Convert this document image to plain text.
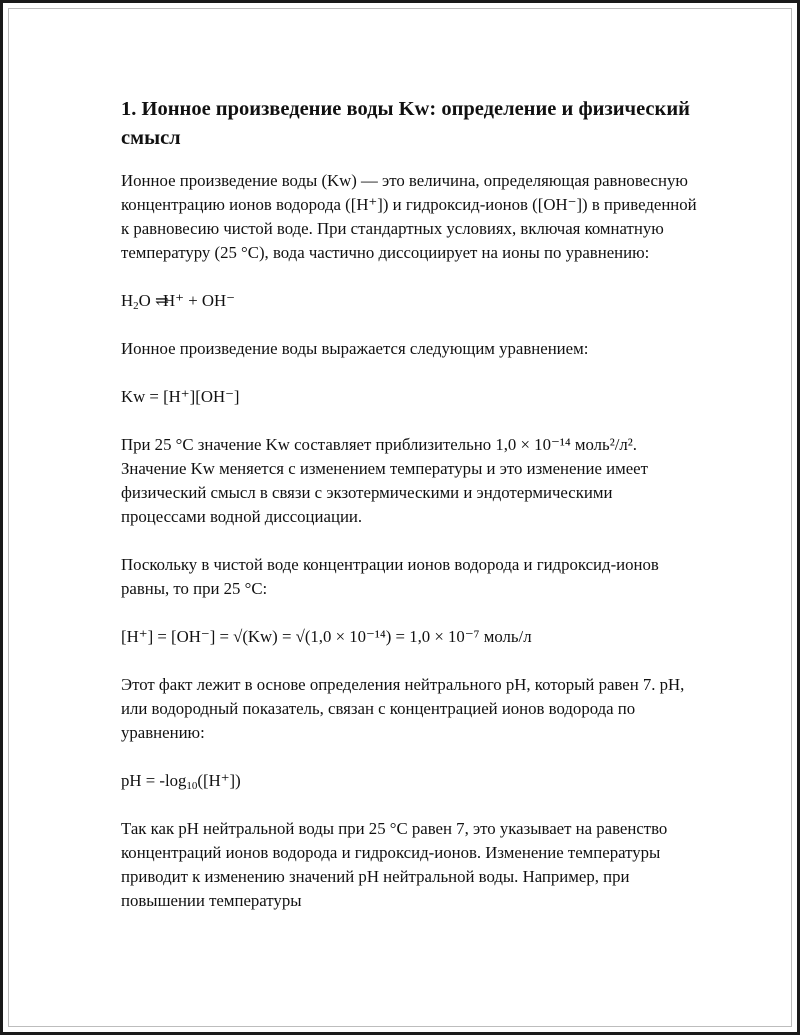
1. Ионное произведение воды Kw: определение и физический смысл

Ионное произведение воды (Kw) — это величина, определяющая равновесную концентрацию ионов водорода ([H⁺]) и гидроксид-ионов ([OH⁻]) в приведенной к равновесию чистой воде. При стандартных условиях, включая комнатную температуру (25 °C), вода частично диссоциирует на ионы по уравнению:

$H_2O$ ⇌H⁺ + OH⁻

Ионное произведение воды выражается следующим уравнением:

Kw = [H⁺][OH⁻]

При 25 °C значение Kw составляет приблизительно 1,0 × 10⁻¹⁴ моль²/л². Значение Kw меняется с изменением температуры и это изменение имеет физический смысл в связи с экзотермическими и эндотермическими процессами водной диссоциации.

Поскольку в чистой воде концентрации ионов водорода и гидроксид-ионов равны, то при 25 °C:

[H⁺] = [OH⁻] = √(Kw) = √(1,0 × 10⁻¹⁴) = 1,0 × 10⁻⁷ моль/л

Этот факт лежит в основе определения нейтрального pH, который равен 7. pH, или водородный показатель, связан с концентрацией ионов водорода по уравнению:

pH = $-\log_{10}([H^+])$

Так как pH нейтральной воды при 25 °C равен 7, это указывает на равенство концентраций ионов водорода и гидроксид-ионов. Изменение температуры приводит к изменению значений pH нейтральной воды. Например, при повышении температуры
